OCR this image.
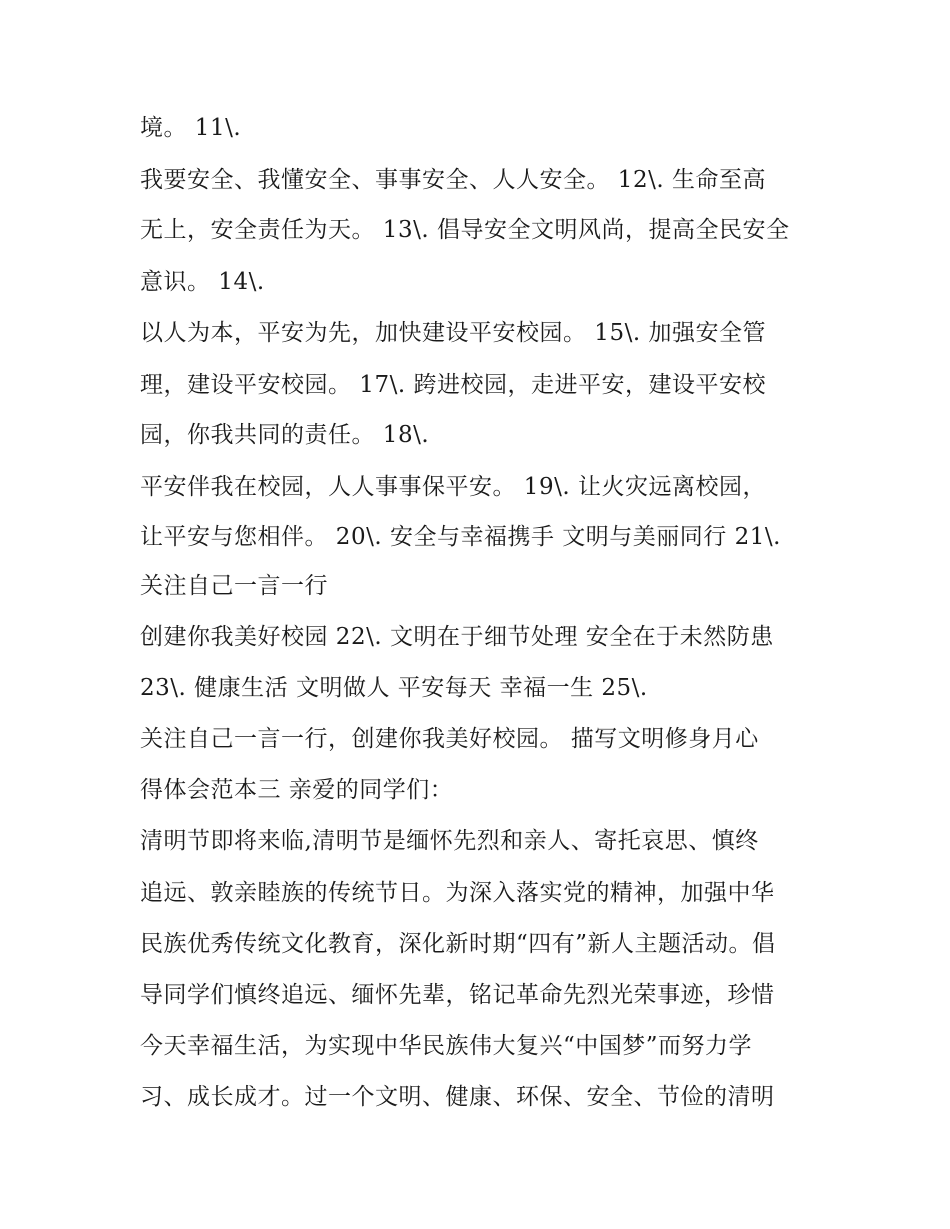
境。 11\.

我要安全、我懂安全、事事安全、人人安全。 12\. 生命至高

无上，安全责任为天。 13\. 倡导安全文明风尚，提高全民安全

意识。 14\.

以人为本，平安为先，加快建设平安校园。 15\. 加强安全管

理，建设平安校园。 17\. 跨进校园，走进平安，建设平安校

园，你我共同的责任。 18\.

平安伴我在校园，人人事事保平安。 19\. 让火灾远离校园，

让平安与您相伴。 20\. 安全与幸福携手 文明与美丽同行 21\.

关注自己一言一行

创建你我美好校园 22\. 文明在于细节处理 安全在于未然防患

23\. 健康生活 文明做人 平安每天 幸福一生 25\.

关注自己一言一行，创建你我美好校园。 描写文明修身月心

得体会范本三 亲爱的同学们：

清明节即将来临,清明节是缅怀先烈和亲人、寄托哀思、慎终

追远、敦亲睦族的传统节日。为深入落实党的精神，加强中华

民族优秀传统文化教育，深化新时期“四有”新人主题活动。倡

导同学们慎终追远、缅怀先辈，铭记革命先烈光荣事迹，珍惜

今天幸福生活，为实现中华民族伟大复兴“中国梦”而努力学

习、成长成才。过一个文明、健康、环保、安全、节俭的清明
